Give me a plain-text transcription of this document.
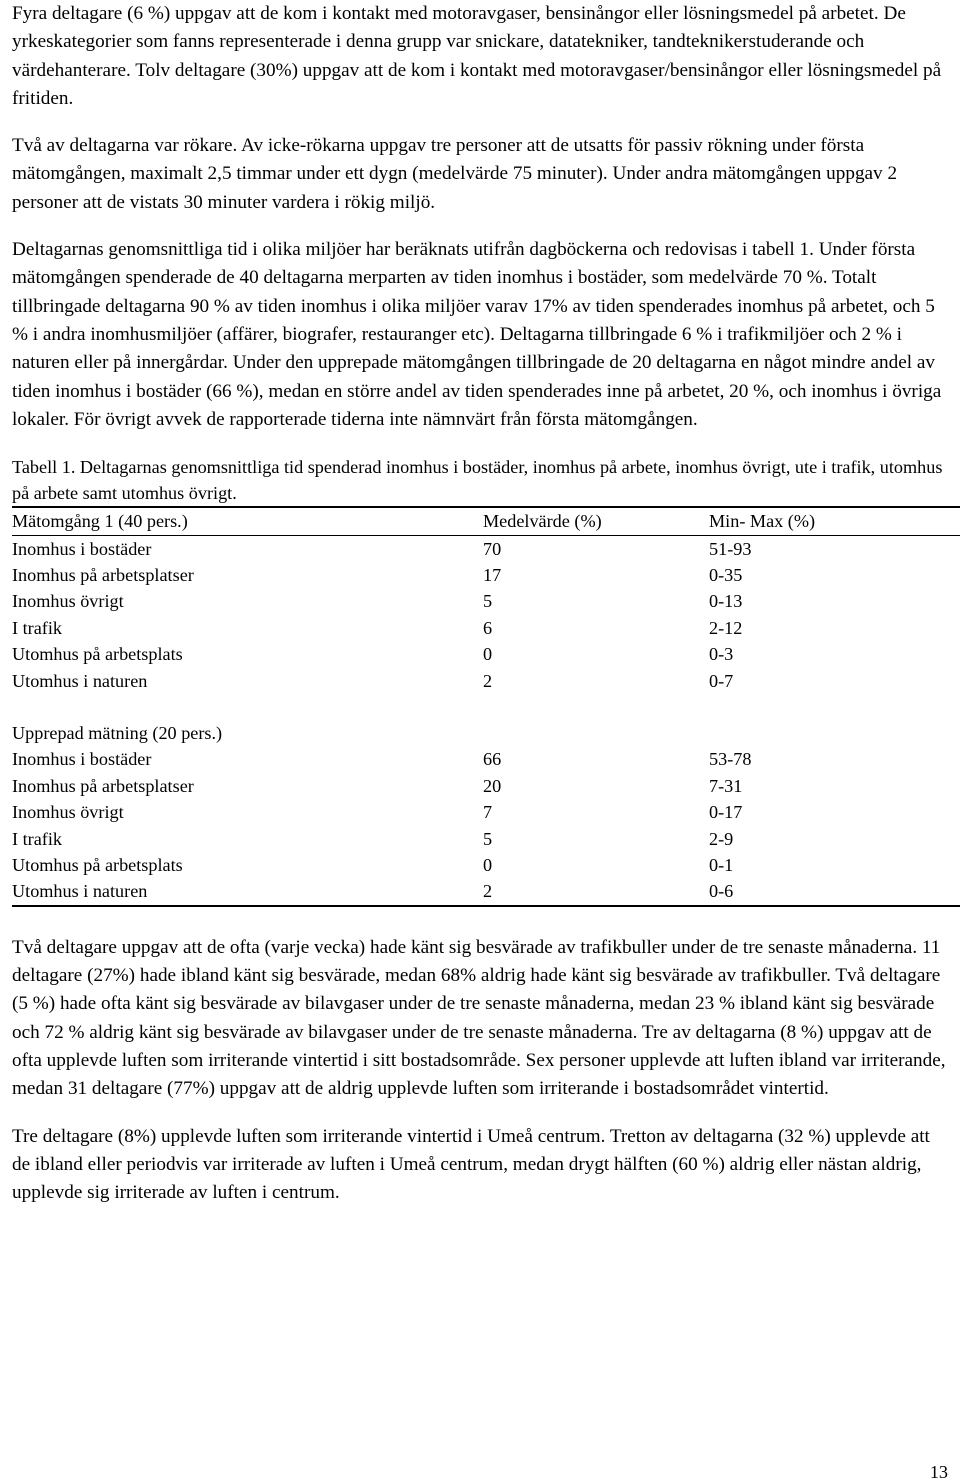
Fyra deltagare (6 %) uppgav att de kom i kontakt med motoravgaser, bensinångor eller lösningsmedel på arbetet. De yrkeskategorier som fanns representerade i denna grupp var snickare, datatekniker, tandteknikerstuderande och värdehanterare. Tolv deltagare (30%) uppgav att de kom i kontakt med motoravgaser/bensinångor eller lösningsmedel på fritiden.

Två av deltagarna var rökare. Av icke-rökarna uppgav tre personer att de utsatts för passiv rökning under första mätomgången, maximalt 2,5 timmar under ett dygn (medelvärde 75 minuter). Under andra mätomgången uppgav 2 personer att de vistats 30 minuter vardera i rökig miljö.

Deltagarnas genomsnittliga tid i olika miljöer har beräknats utifrån dagböckerna och redovisas i tabell 1. Under första mätomgången spenderade de 40 deltagarna merparten av tiden inomhus i bostäder, som medelvärde 70 %. Totalt tillbringade deltagarna 90 % av tiden inomhus i olika miljöer varav 17% av tiden spenderades inomhus på arbetet, och 5 % i andra inomhusmiljöer (affärer, biografer, restauranger etc). Deltagarna tillbringade 6 % i trafikmiljöer och 2 % i naturen eller på innergårdar. Under den upprepade mätomgången tillbringade de 20 deltagarna en något mindre andel av tiden inomhus i bostäder (66 %), medan en större andel av tiden spenderades inne på arbetet, 20 %, och inomhus i övriga lokaler. För övrigt avvek de rapporterade tiderna inte nämnvärt från första mätomgången.

Tabell 1. Deltagarnas genomsnittliga tid spenderad inomhus i bostäder, inomhus på arbete, inomhus övrigt, ute i trafik, utomhus på arbete samt utomhus övrigt.

Mätomgång 1 (40 pers.)	Medelvärde (%)	Min- Max (%)
Inomhus i bostäder	70	51-93
Inomhus på arbetsplatser	17	0-35
Inomhus övrigt	5	0-13
I trafik	6	2-12
Utomhus på arbetsplats	0	0-3
Utomhus i naturen	2	0-7

Upprepad mätning (20 pers.)		
Inomhus i bostäder	66	53-78
Inomhus på arbetsplatser	20	7-31
Inomhus övrigt	7	0-17
I trafik	5	2-9
Utomhus på arbetsplats	0	0-1
Utomhus i naturen	2	0-6

Två deltagare uppgav att de ofta (varje vecka) hade känt sig besvärade av trafikbuller under de tre senaste månaderna. 11 deltagare (27%) hade ibland känt sig besvärade, medan 68% aldrig hade känt sig besvärade av trafikbuller. Två deltagare (5 %) hade ofta känt sig besvärade av bilavgaser under de tre senaste månaderna, medan 23 % ibland känt sig besvärade och 72 % aldrig känt sig besvärade av bilavgaser under de tre senaste månaderna. Tre av deltagarna (8 %) uppgav att de ofta upplevde luften som irriterande vintertid i sitt bostadsområde. Sex personer upplevde att luften ibland var irriterande, medan 31 deltagare (77%) uppgav att de aldrig upplevde luften som irriterande i bostadsområdet vintertid.

Tre deltagare (8%) upplevde luften som irriterande vintertid i Umeå centrum. Tretton av deltagarna (32 %) upplevde att de ibland eller periodvis var irriterade av luften i Umeå centrum, medan drygt hälften (60 %) aldrig eller nästan aldrig, upplevde sig irriterade av luften i centrum.

13
